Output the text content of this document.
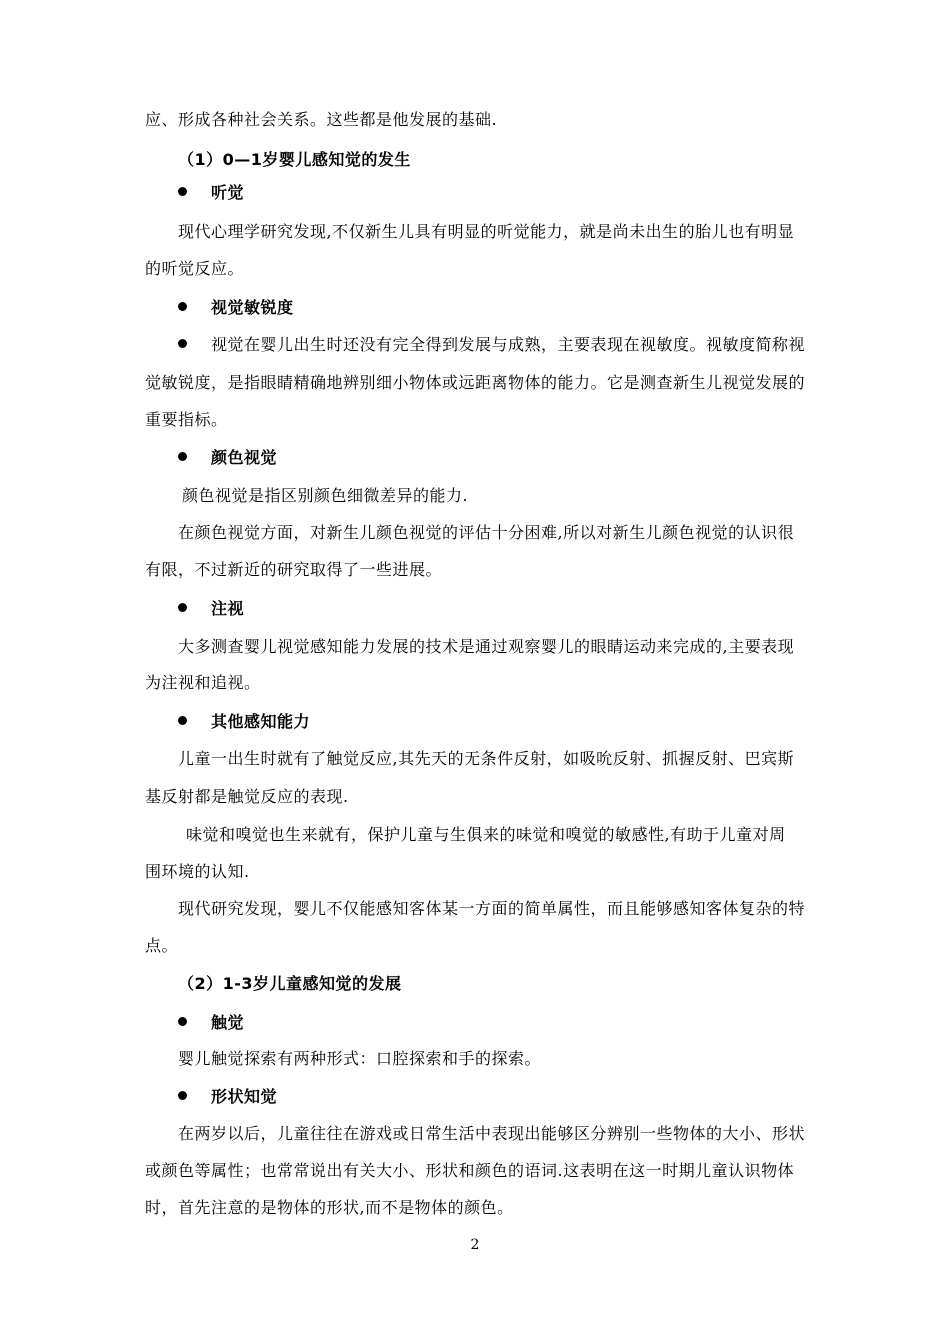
应、形成各种社会关系。这些都是他发展的基础.
（1）0—1岁婴儿感知觉的发生
听觉
现代心理学研究发现,不仅新生儿具有明显的听觉能力，就是尚未出生的胎儿也有明显
的听觉反应。
视觉敏锐度
视觉在婴儿出生时还没有完全得到发展与成熟，主要表现在视敏度。视敏度简称视
觉敏锐度，是指眼睛精确地辨别细小物体或远距离物体的能力。它是测查新生儿视觉发展的
重要指标。
颜色视觉
颜色视觉是指区别颜色细微差异的能力.
在颜色视觉方面，对新生儿颜色视觉的评估十分困难,所以对新生儿颜色视觉的认识很
有限，不过新近的研究取得了一些进展。
注视
大多测查婴儿视觉感知能力发展的技术是通过观察婴儿的眼睛运动来完成的,主要表现
为注视和追视。
其他感知能力
儿童一出生时就有了触觉反应,其先天的无条件反射，如吸吮反射、抓握反射、巴宾斯
基反射都是触觉反应的表现.
味觉和嗅觉也生来就有，保护儿童与生俱来的味觉和嗅觉的敏感性,有助于儿童对周
围环境的认知.
现代研究发现，婴儿不仅能感知客体某一方面的简单属性，而且能够感知客体复杂的特
点。
（2）1-3岁儿童感知觉的发展
触觉
婴儿触觉探索有两种形式：口腔探索和手的探索。
形状知觉
在两岁以后，儿童往往在游戏或日常生活中表现出能够区分辨别一些物体的大小、形状
或颜色等属性；也常常说出有关大小、形状和颜色的语词.这表明在这一时期儿童认识物体
时，首先注意的是物体的形状,而不是物体的颜色。
2
